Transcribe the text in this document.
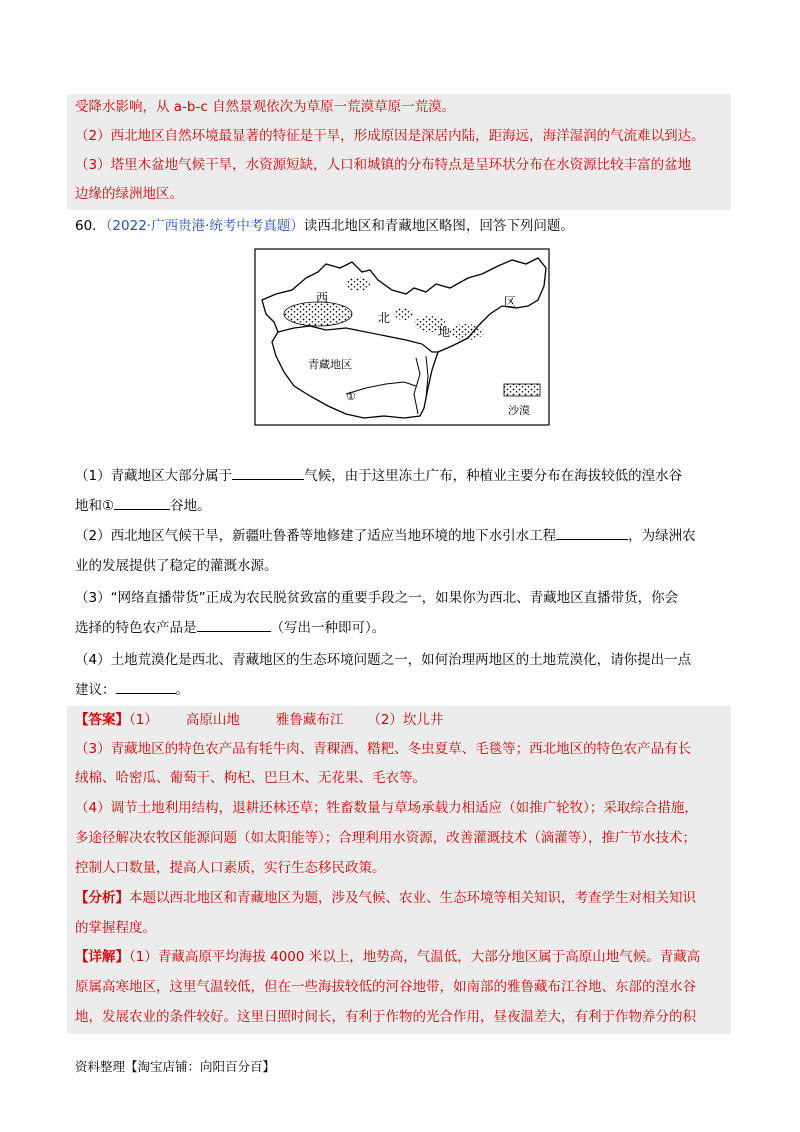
受降水影响，从 a-b-c 自然景观依次为草原一荒漠草原一荒漠。
（2）西北地区自然环境最显著的特征是干旱，形成原因是深居内陆，距海远，海洋湿润的气流难以到达。
（3）塔里木盆地气候干旱，水资源短缺，人口和城镇的分布特点是呈环状分布在水资源比较丰富的盆地
边缘的绿洲地区。
60．（2022·广西贵港·统考中考真题）读西北地区和青藏地区略图，回答下列问题。
西
北
地
区
青藏地区
①
沙漠
（1）青藏地区大部分属于	气候，由于这里冻土广布，种植业主要分布在海拔较低的湟水谷
地和①	谷地。
（2）西北地区气候干旱，新疆吐鲁番等地修建了适应当地环境的地下水引水工程	，为绿洲农
业的发展提供了稳定的灌溉水源。
（3）“网络直播带货”正成为农民脱贫致富的重要手段之一，如果你为西北、青藏地区直播带货，你会
选择的特色农产品是	（写出一种即可）。
（4）土地荒漠化是西北、青藏地区的生态环境问题之一，如何治理两地区的土地荒漠化，请你提出一点
建议：	。
【答案】（1） 高原山地	雅鲁藏布江 （2）坎儿井
（3）青藏地区的特色农产品有牦牛肉、青稞酒、糌粑、冬虫夏草、毛毯等；西北地区的特色农产品有长
绒棉、哈密瓜、葡萄干、枸杞、巴旦木、无花果、毛衣等。
（4）调节土地利用结构，退耕还林还草；牲畜数量与草场承载力相适应（如推广轮牧）；采取综合措施，
多途径解决农牧区能源问题（如太阳能等）；合理利用水资源，改善灌溉技术（滴灌等），推广节水技术；
控制人口数量，提高人口素质，实行生态移民政策。
【分析】本题以西北地区和青藏地区为题，涉及气候、农业、生态环境等相关知识，考查学生对相关知识
的掌握程度。
【详解】（1）青藏高原平均海拔 4000 米以上，地势高，气温低，大部分地区属于高原山地气候。青藏高
原属高寒地区，这里气温较低，但在一些海拔较低的河谷地带，如南部的雅鲁藏布江谷地、东部的湟水谷
地，发展农业的条件较好。这里日照时间长，有利于作物的光合作用，昼夜温差大，有利于作物养分的积
资料整理【淘宝店铺：向阳百分百】
